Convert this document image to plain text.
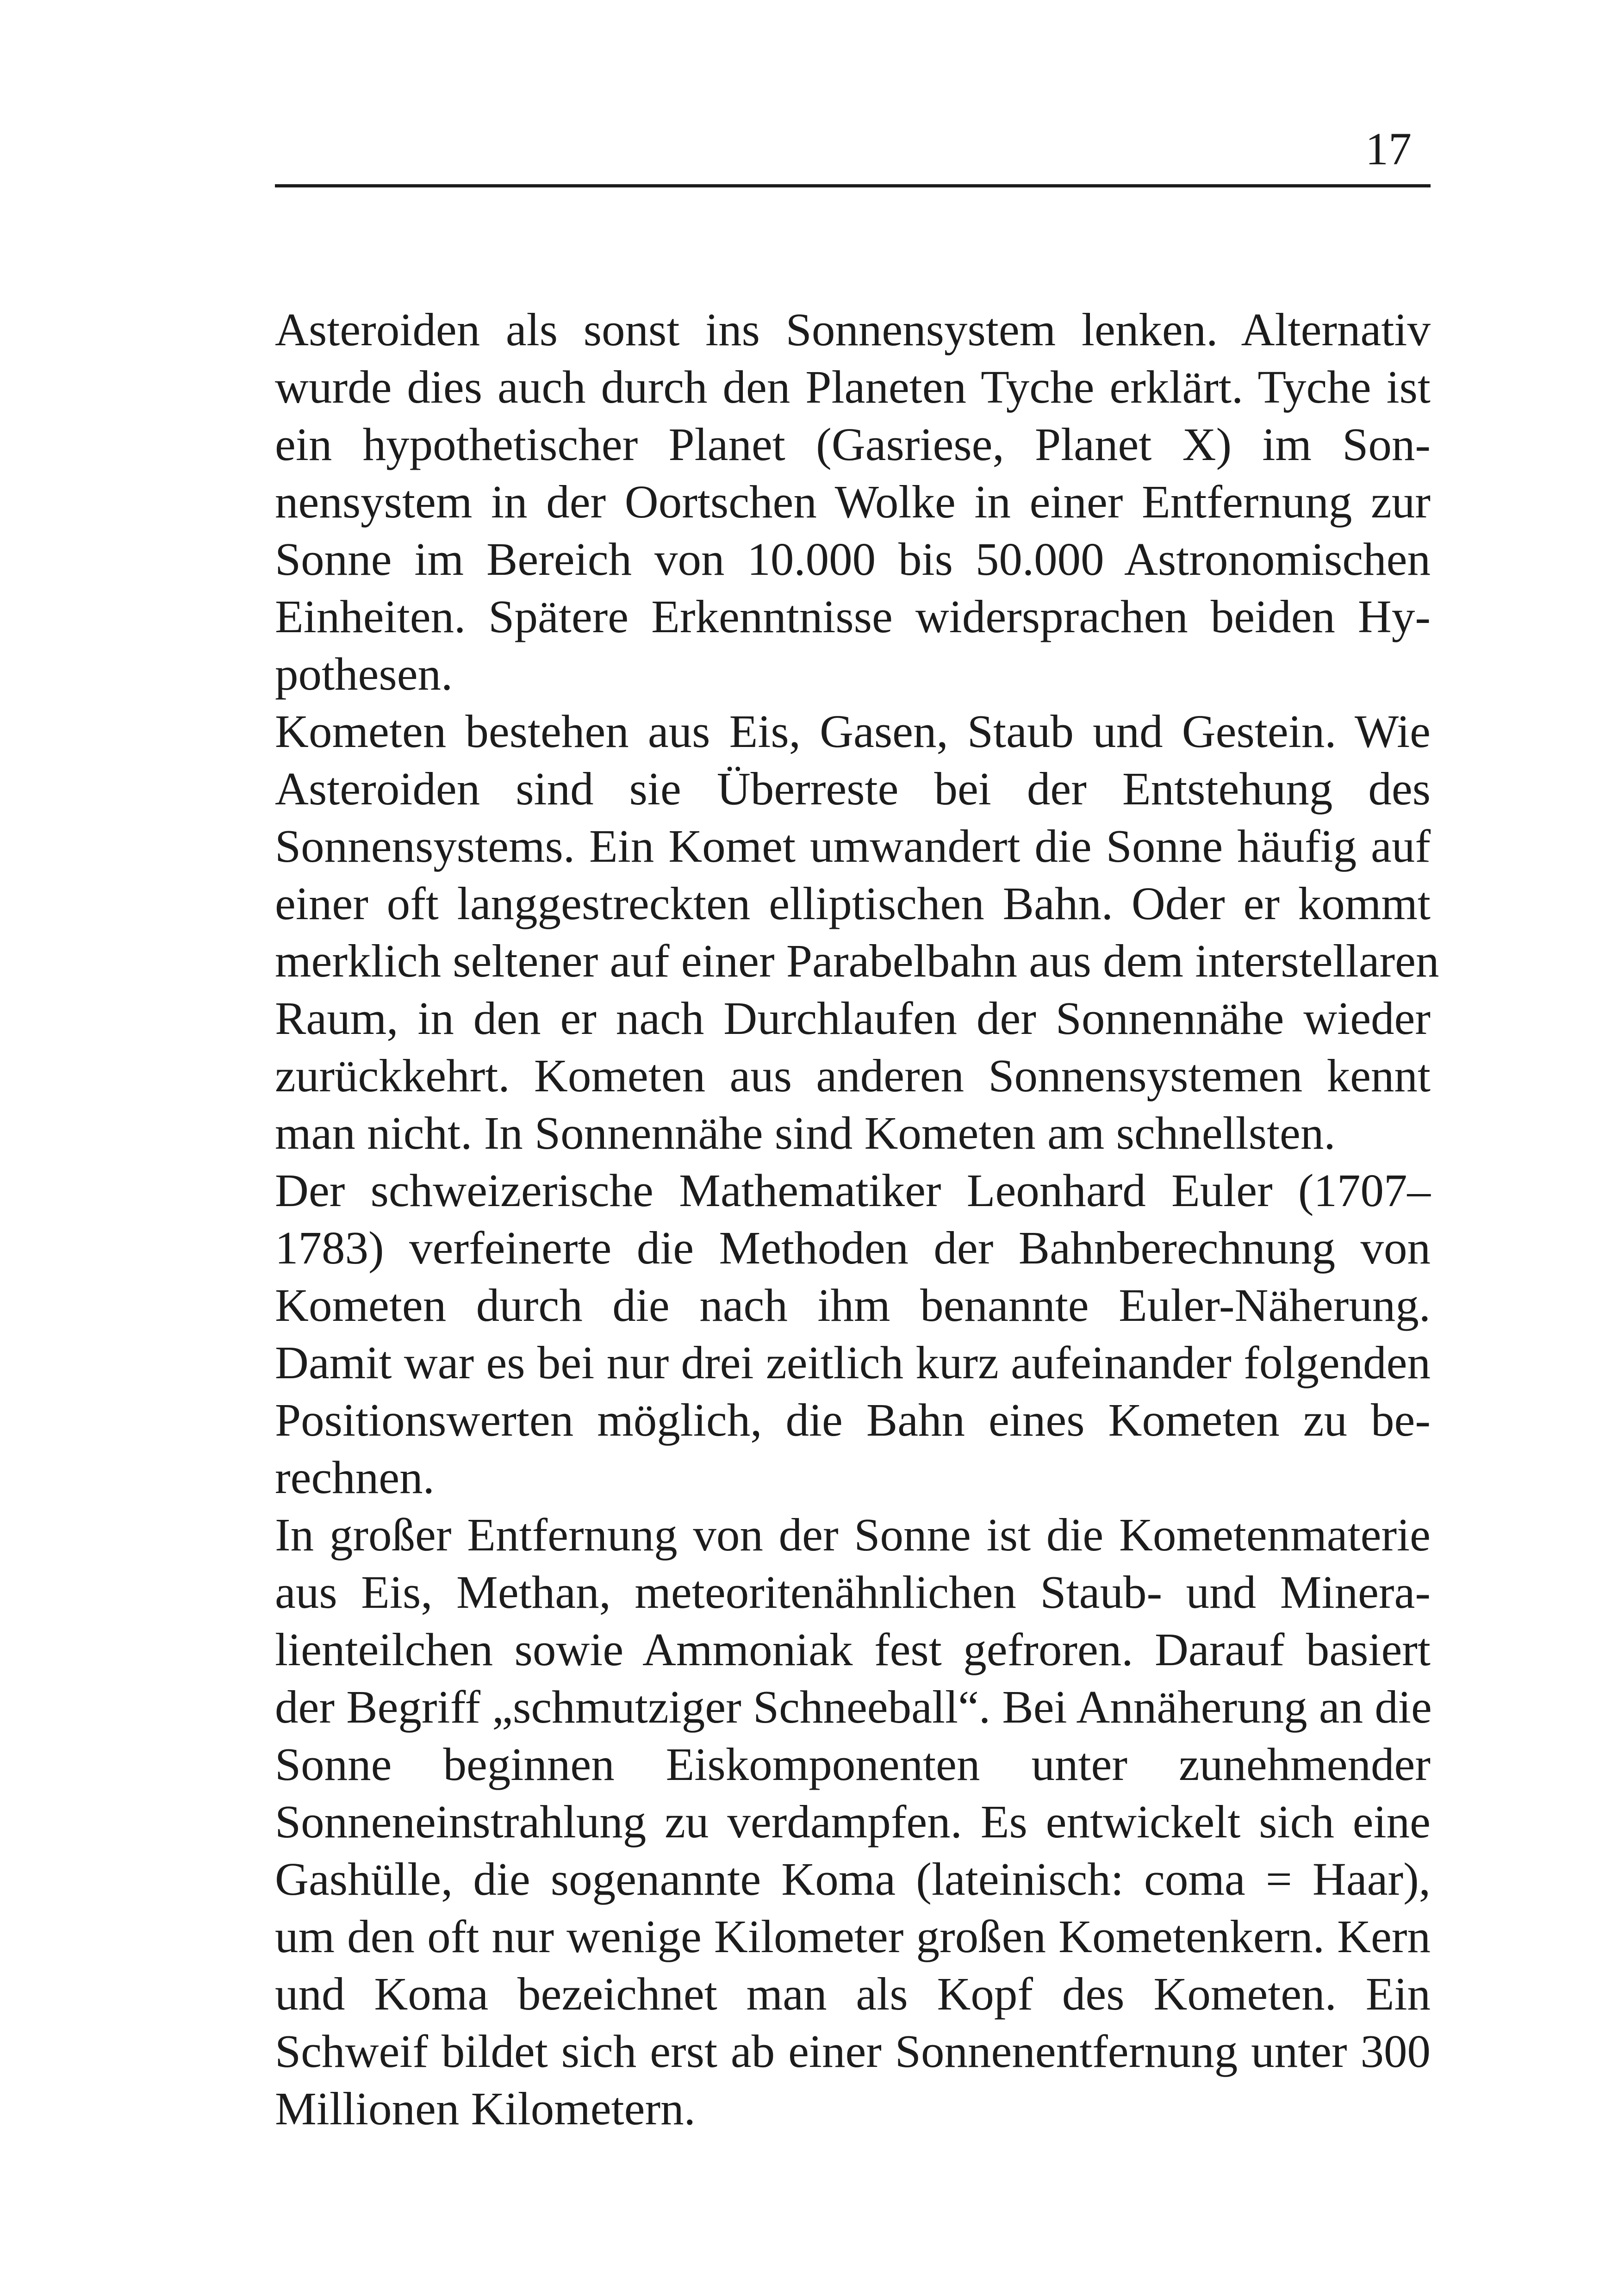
17

Asteroiden als sonst ins Sonnensystem lenken. Alternativ
wurde dies auch durch den Planeten Tyche erklärt. Tyche ist
ein hypothetischer Planet (Gasriese, Planet X) im Son-
nensystem in der Oortschen Wolke in einer Entfernung zur
Sonne im Bereich von 10.000 bis 50.000 Astronomischen
Einheiten. Spätere Erkenntnisse widersprachen beiden Hy-
pothesen.

Kometen bestehen aus Eis, Gasen, Staub und Gestein. Wie
Asteroiden sind sie Überreste bei der Entstehung des
Sonnensystems. Ein Komet umwandert die Sonne häufig auf
einer oft langgestreckten elliptischen Bahn. Oder er kommt
merklich seltener auf einer Parabelbahn aus dem interstellaren
Raum, in den er nach Durchlaufen der Sonnennähe wieder
zurückkehrt. Kometen aus anderen Sonnensystemen kennt
man nicht. In Sonnennähe sind Kometen am schnellsten.

Der schweizerische Mathematiker Leonhard Euler (1707–
1783) verfeinerte die Methoden der Bahnberechnung von
Kometen durch die nach ihm benannte Euler-Näherung.
Damit war es bei nur drei zeitlich kurz aufeinander folgenden
Positionswerten möglich, die Bahn eines Kometen zu be-
rechnen.

In großer Entfernung von der Sonne ist die Kometenmaterie
aus Eis, Methan, meteoritenähnlichen Staub- und Minera-
lienteilchen sowie Ammoniak fest gefroren. Darauf basiert
der Begriff „schmutziger Schneeball“. Bei Annäherung an die
Sonne beginnen Eiskomponenten unter zunehmender
Sonneneinstrahlung zu verdampfen. Es entwickelt sich eine
Gashülle, die sogenannte Koma (lateinisch: coma = Haar),
um den oft nur wenige Kilometer großen Kometenkern. Kern
und Koma bezeichnet man als Kopf des Kometen. Ein
Schweif bildet sich erst ab einer Sonnenentfernung unter 300
Millionen Kilometern.
